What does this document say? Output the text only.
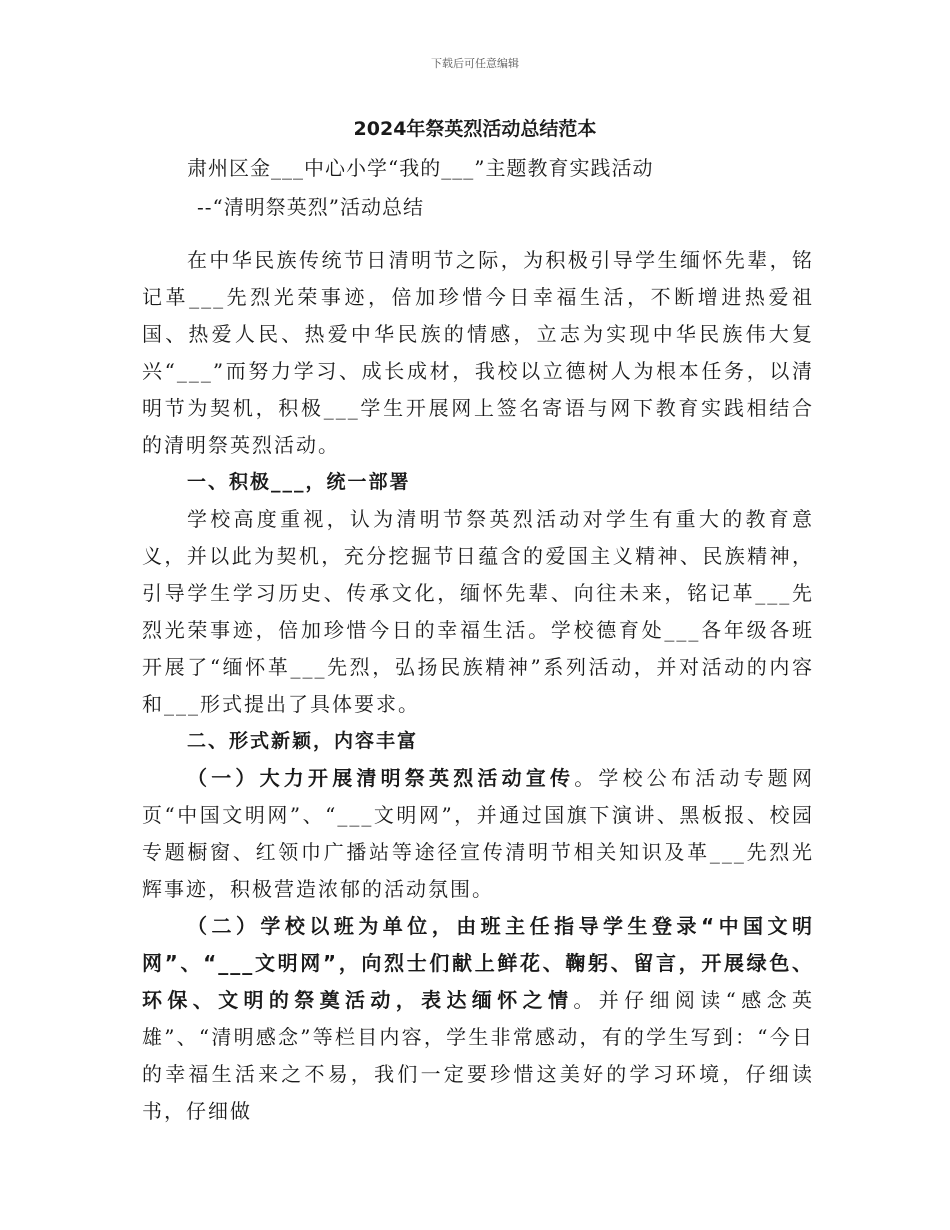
下载后可任意编辑
2024年祭英烈活动总结范本

肃州区金___中心小学“我的___”主题教育实践活动

--“清明祭英烈”活动总结

在中华民族传统节日清明节之际，为积极引导学生缅怀先辈，铭记革___先烈光荣事迹，倍加珍惜今日幸福生活，不断增进热爱祖国、热爱人民、热爱中华民族的情感，立志为实现中华民族伟大复兴“___”而努力学习、成长成材，我校以立德树人为根本任务，以清明节为契机，积极___学生开展网上签名寄语与网下教育实践相结合的清明祭英烈活动。

一、积极___，统一部署

学校高度重视，认为清明节祭英烈活动对学生有重大的教育意义，并以此为契机，充分挖掘节日蕴含的爱国主义精神、民族精神，引导学生学习历史、传承文化，缅怀先辈、向往未来，铭记革___先烈光荣事迹，倍加珍惜今日的幸福生活。学校德育处___各年级各班开展了“缅怀革___先烈，弘扬民族精神”系列活动，并对活动的内容和___形式提出了具体要求。

二、形式新颖，内容丰富

（一）大力开展清明祭英烈活动宣传。学校公布活动专题网页“中国文明网”、“___文明网”，并通过国旗下演讲、黑板报、校园专题橱窗、红领巾广播站等途径宣传清明节相关知识及革___先烈光辉事迹，积极营造浓郁的活动氛围。

（二）学校以班为单位，由班主任指导学生登录“中国文明网”、“___文明网”，向烈士们献上鲜花、鞠躬、留言，开展绿色、环保、文明的祭奠活动，表达缅怀之情。并仔细阅读“感念英雄”、“清明感念”等栏目内容，学生非常感动，有的学生写到：“今日的幸福生活来之不易，我们一定要珍惜这美好的学习环境，仔细读书，仔细做
